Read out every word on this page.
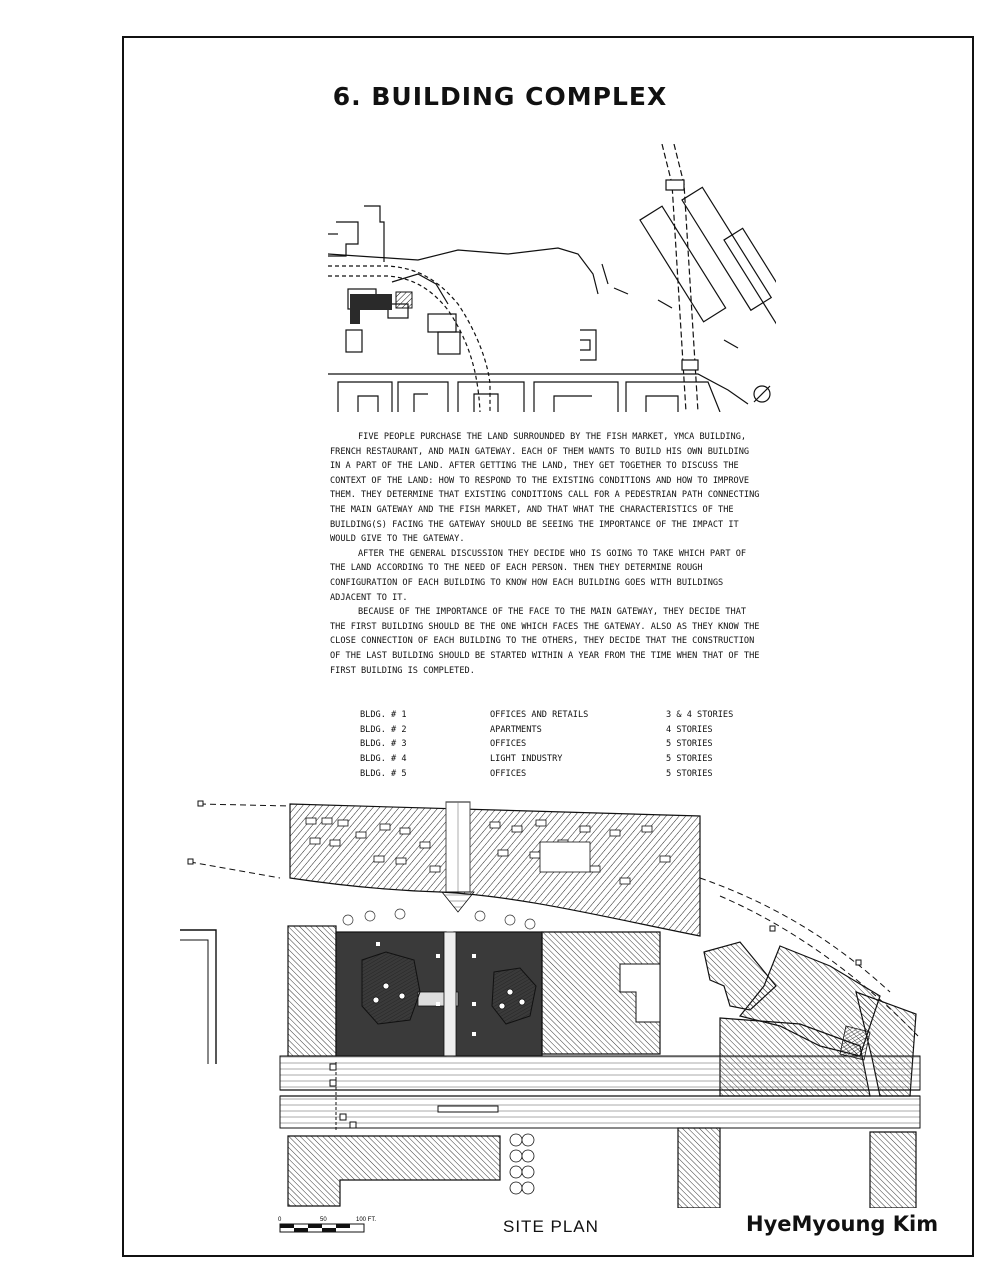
6. BUILDING COMPLEX

FIVE PEOPLE PURCHASE THE LAND SURROUNDED BY THE FISH MARKET, YMCA BUILDING, FRENCH RESTAURANT, AND MAIN GATEWAY. EACH OF THEM WANTS TO BUILD HIS OWN BUILDING IN A PART OF THE LAND. AFTER GETTING THE LAND, THEY GET TOGETHER TO DISCUSS THE CONTEXT OF THE LAND: HOW TO RESPOND TO THE EXISTING CONDITIONS AND HOW TO IMPROVE THEM. THEY DETERMINE THAT EXISTING CONDITIONS CALL FOR A PEDESTRIAN PATH CONNECTING THE MAIN GATEWAY AND THE FISH MARKET, AND THAT WHAT THE CHARACTERISTICS OF THE BUILDING(S) FACING THE GATEWAY SHOULD BE SEEING THE IMPORTANCE OF THE IMPACT IT WOULD GIVE TO THE GATEWAY.

AFTER THE GENERAL DISCUSSION THEY DECIDE WHO IS GOING TO TAKE WHICH PART OF THE LAND ACCORDING TO THE NEED OF EACH PERSON. THEN THEY DETERMINE ROUGH CONFIGURATION OF EACH BUILDING TO KNOW HOW EACH BUILDING GOES WITH BUILDINGS ADJACENT TO IT.

BECAUSE OF THE IMPORTANCE OF THE FACE TO THE MAIN GATEWAY, THEY DECIDE THAT THE FIRST BUILDING SHOULD BE THE ONE WHICH FACES THE GATEWAY. ALSO AS THEY KNOW THE CLOSE CONNECTION OF EACH BUILDING TO THE OTHERS, THEY DECIDE THAT THE CONSTRUCTION OF THE LAST BUILDING SHOULD BE STARTED WITHIN A YEAR FROM THE TIME WHEN THAT OF THE FIRST BUILDING IS COMPLETED.

BLDG. # 1	OFFICES AND RETAILS	3 & 4 STORIES
BLDG. # 2	APARTMENTS	4 STORIES
BLDG. # 3	OFFICES	5 STORIES
BLDG. # 4	LIGHT INDUSTRY	5 STORIES
BLDG. # 5	OFFICES	5 STORIES
0	50	100 FT.	SITE PLAN	HyeMyoung Kim
